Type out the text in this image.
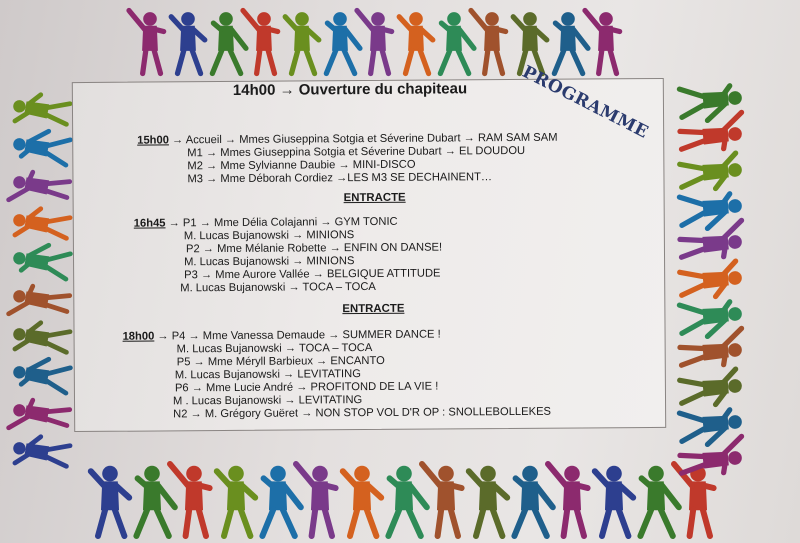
14h00 → Ouverture du chapiteau
15h00 → Accueil → Mmes Giuseppina Sotgia et Séverine Dubart → RAM SAM SAM
M1 → Mmes Giuseppina Sotgia et Séverine Dubart → EL DOUDOU
M2 → Mme Sylvianne Daubie → MINI-DISCO
M3 → Mme Déborah Cordiez →LES M3 SE DECHAINENT…
ENTRACTE
16h45 → P1 → Mme Délia Colajanni → GYM TONIC
M. Lucas Bujanowski → MINIONS
P2 → Mme Mélanie Robette → ENFIN ON DANSE!
M. Lucas Bujanowski → MINIONS
P3 → Mme Aurore Vallée → BELGIQUE ATTITUDE
M. Lucas Bujanowski → TOCA – TOCA
ENTRACTE
18h00 → P4 → Mme Vanessa Demaude → SUMMER DANCE !
M. Lucas Bujanowski → TOCA – TOCA
P5 → Mme Méryll Barbieux → ENCANTO
M. Lucas Bujanowski → LEVITATING
P6 → Mme Lucie André → PROFITOND DE LA VIE !
M . Lucas Bujanowski → LEVITATING
N2 → M. Grégory Guëret → NON STOP VOL D'R OP : SNOLLEBOLLEKES
PROGRAMME
